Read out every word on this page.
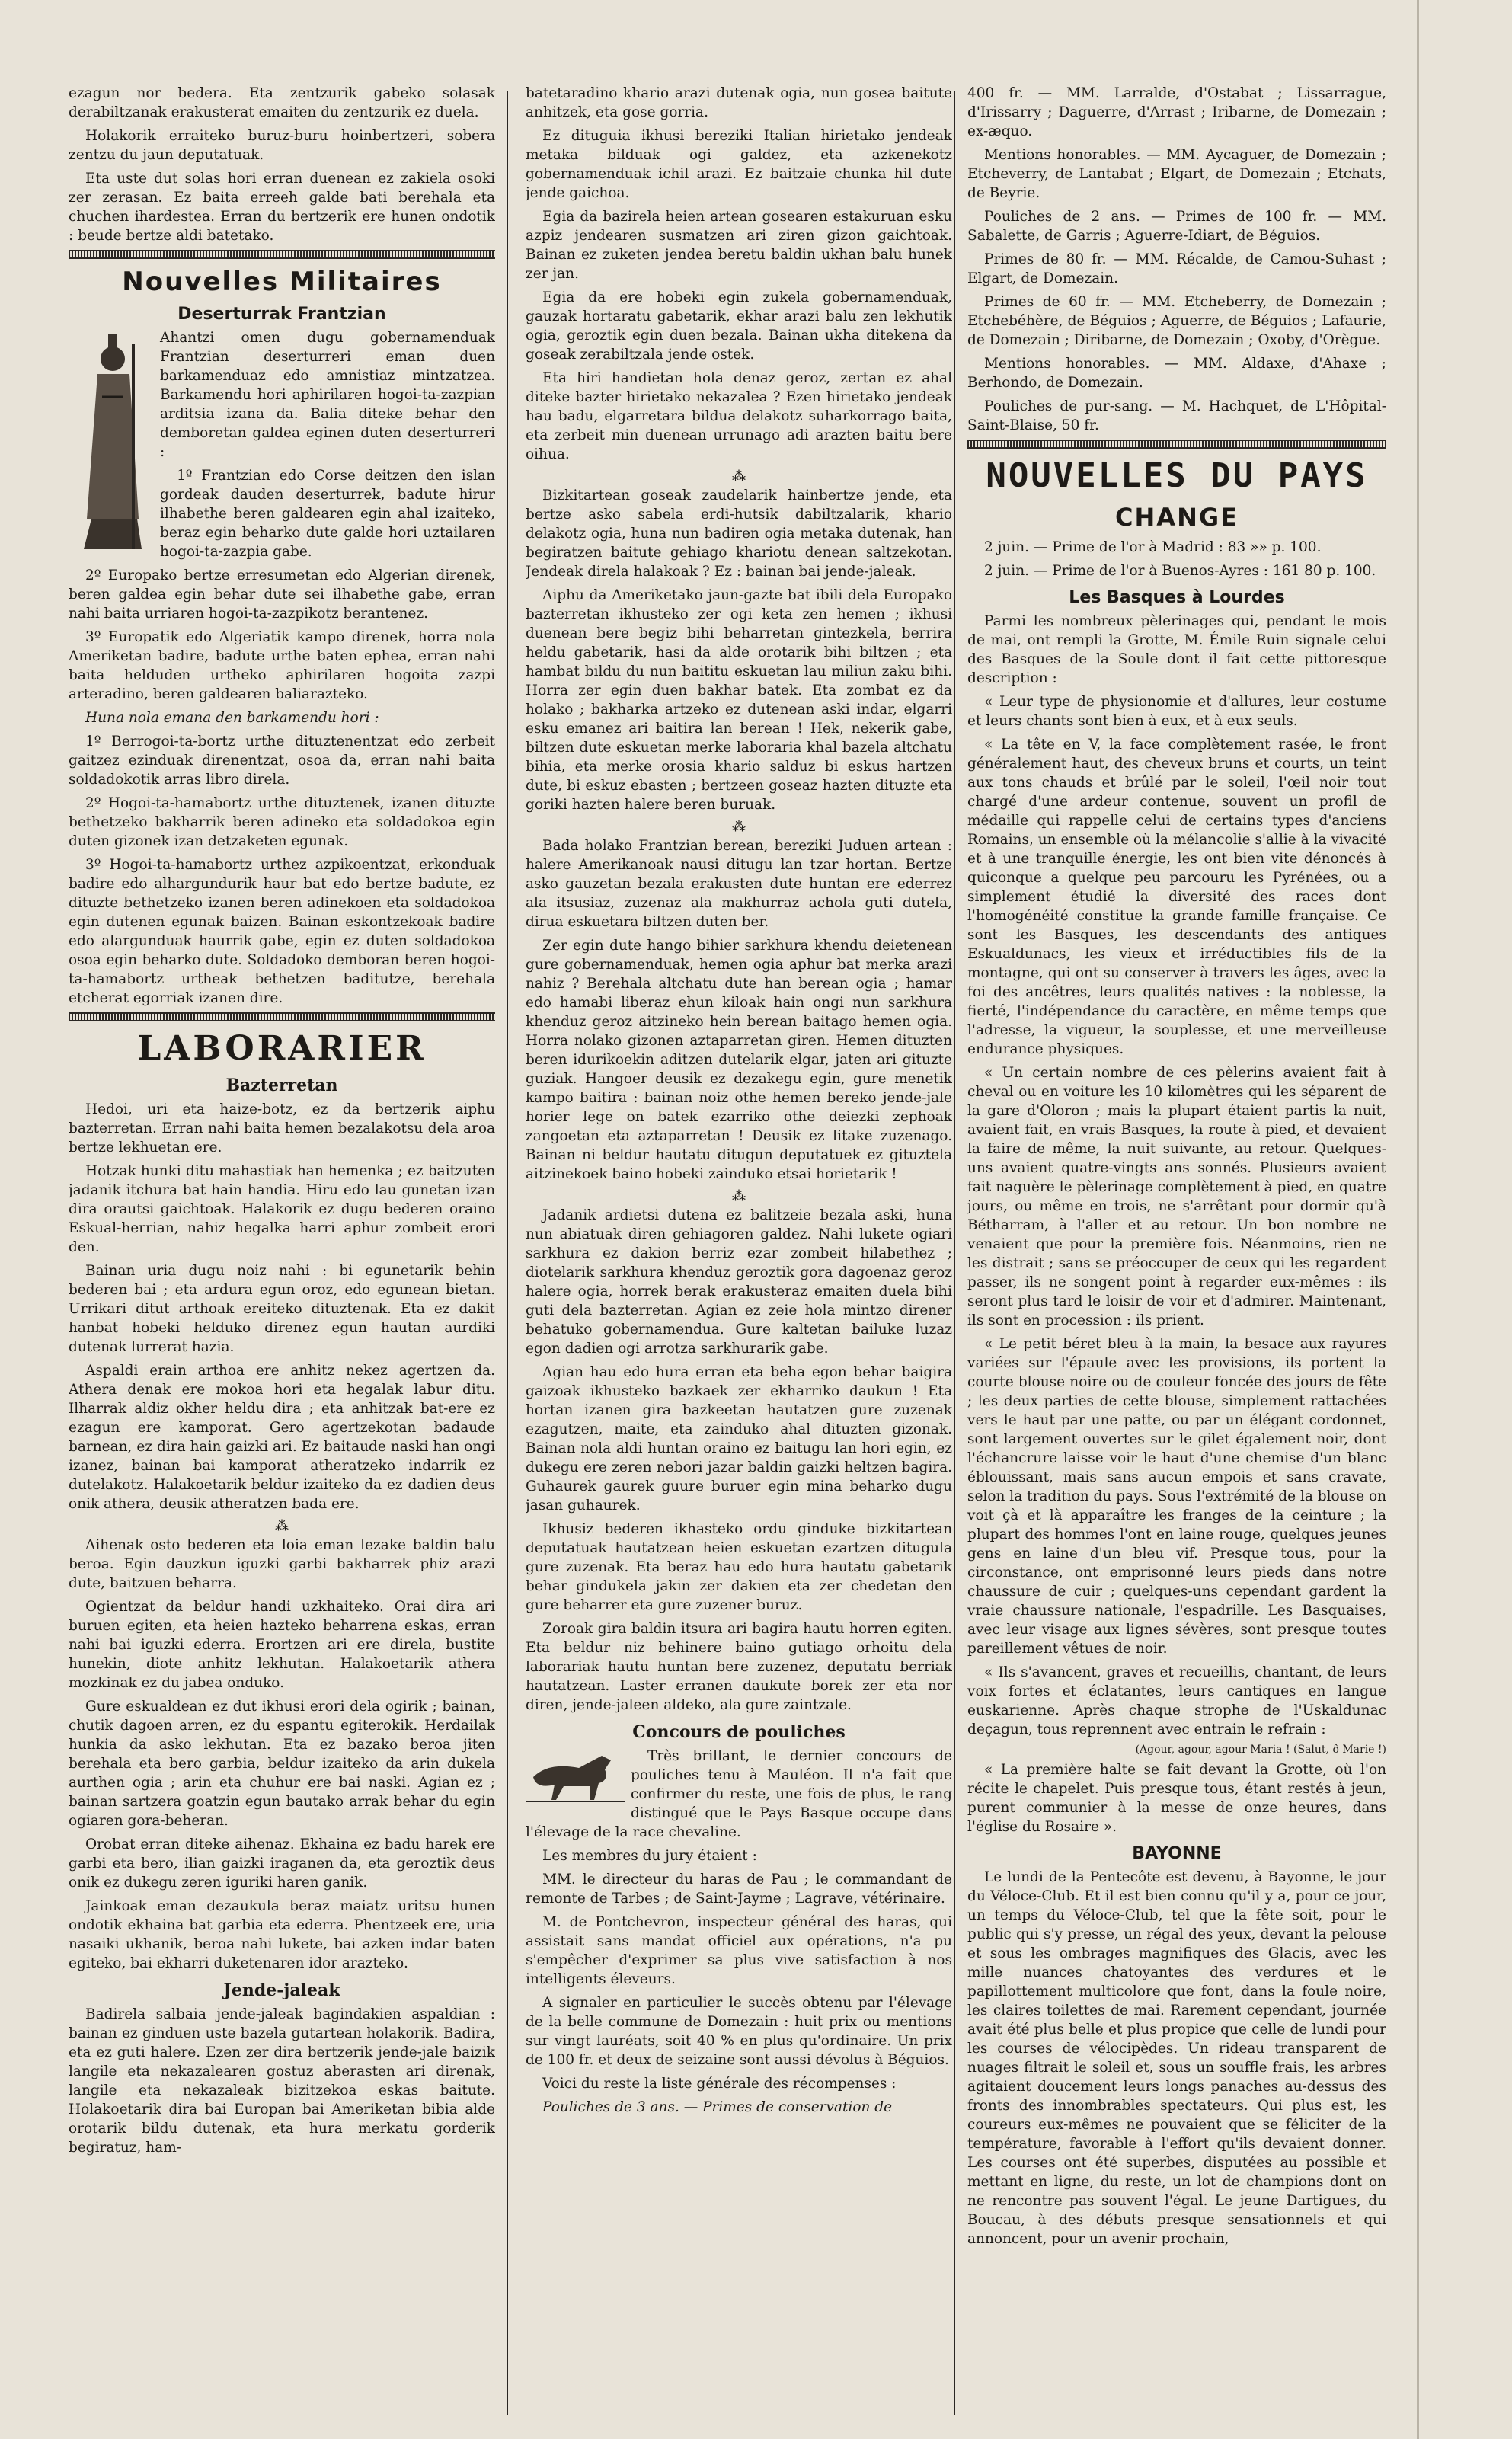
ezagun nor bedera. Eta zentzurik gabeko solasak derabiltzanak erakusterat emaiten du zentzurik ez duela.

Holakorik erraiteko buruz-buru hoinbertzeri, sobera zentzu du jaun deputatuak.

Eta uste dut solas hori erran duenean ez zakiela osoki zer zerasan. Ez baita erreeh galde bati berehala eta chuchen ihardestea. Erran du bertzerik ere hunen ondotik : beude bertze aldi batetako.

Nouvelles Militaires
Deserturrak Frantzian

Ahantzi omen dugu gobernamenduak Frantzian deserturreri eman duen barkamenduaz edo amnistiaz mintzatzea. Barkamendu hori aphirilaren hogoi-ta-zazpian arditsia izana da. Balia diteke behar den demboretan galdea eginen duten deserturreri :

1º Frantzian edo Corse deitzen den islan gordeak dauden deserturrek, badute hirur ilhabethe beren galdearen egin ahal izaiteko, beraz egin beharko dute galde hori uztailaren hogoi-ta-zazpia gabe.

2º Europako bertze erresumetan edo Algerian direnek, beren galdea egin behar dute sei ilhabethe gabe, erran nahi baita urriaren hogoi-ta-zazpikotz berantenez.

3º Europatik edo Algeriatik kampo direnek, horra nola Ameriketan badire, badute urthe baten ephea, erran nahi baita helduden urtheko aphirilaren hogoita zazpi arteradino, beren galdearen baliarazteko.

Huna nola emana den barkamendu hori :

1º Berrogoi-ta-bortz urthe dituztenentzat edo zerbeit gaitzez ezinduak direnentzat, osoa da, erran nahi baita soldadokotik arras libro direla.

2º Hogoi-ta-hamabortz urthe dituztenek, izanen dituzte bethetzeko bakharrik beren adineko eta soldadokoa egin duten gizonek izan detzaketen egunak.

3º Hogoi-ta-hamabortz urthez azpikoentzat, erkonduak badire edo alhargundurik haur bat edo bertze badute, ez dituzte bethetzeko izanen beren adinekoen eta soldadokoa egin dutenen egunak baizen. Bainan eskontzekoak badire edo alargunduak haurrik gabe, egin ez duten soldadokoa osoa egin beharko dute. Soldadoko demboran beren hogoi-ta-hamabortz urtheak bethetzen baditutze, berehala etcherat egorriak izanen dire.

LABORARIER
Bazterretan

Hedoi, uri eta haize-botz, ez da bertzerik aiphu bazterretan. Erran nahi baita hemen bezalakotsu dela aroa bertze lekhuetan ere.

Hotzak hunki ditu mahastiak han hemenka ; ez baitzuten jadanik itchura bat hain handia. Hiru edo lau gunetan izan dira orautsi gaichtoak. Halakorik ez dugu bederen oraino Eskual-herrian, nahiz hegalka harri aphur zombeit erori den.

Bainan uria dugu noiz nahi : bi egunetarik behin bederen bai ; eta ardura egun oroz, edo egunean bietan. Urrikari ditut arthoak ereiteko dituztenak. Eta ez dakit hanbat hobeki helduko direnez egun hautan aurdiki dutenak lurrerat hazia.

Aspaldi erain arthoa ere anhitz nekez agertzen da. Athera denak ere mokoa hori eta hegalak labur ditu. Ilharrak aldiz okher heldu dira ; eta anhitzak bat-ere ez ezagun ere kamporat. Gero agertzekotan badaude barnean, ez dira hain gaizki ari. Ez baitaude naski han ongi izanez, bainan bai kamporat atheratzeko indarrik ez dutelakotz. Halakoetarik beldur izaiteko da ez dadien deus onik athera, deusik atheratzen bada ere.

⁂

Aihenak osto bederen eta loia eman lezake baldin balu beroa. Egin dauzkun iguzki garbi bakharrek phiz arazi dute, baitzuen beharra.

Ogientzat da beldur handi uzkhaiteko. Orai dira ari buruen egiten, eta heien hazteko beharrena eskas, erran nahi bai iguzki ederra. Erortzen ari ere direla, bustite hunekin, diote anhitz lekhutan. Halakoetarik athera mozkinak ez du jabea onduko.

Gure eskualdean ez dut ikhusi erori dela ogirik ; bainan, chutik dagoen arren, ez du espantu egiterokik. Herdailak hunkia da asko lekhutan. Eta ez bazako beroa jiten berehala eta bero garbia, beldur izaiteko da arin dukela aurthen ogia ; arin eta chuhur ere bai naski. Agian ez ; bainan sartzera goatzin egun bautako arrak behar du egin ogiaren gora-beheran.

Orobat erran diteke aihenaz. Ekhaina ez badu harek ere garbi eta bero, ilian gaizki iraganen da, eta geroztik deus onik ez dukegu zeren iguriki haren ganik.

Jainkoak eman dezaukula beraz maiatz uritsu hunen ondotik ekhaina bat garbia eta ederra. Phentzeek ere, uria nasaiki ukhanik, beroa nahi lukete, bai azken indar baten egiteko, bai ekharri duketenaren idor arazteko.

Jende-jaleak

Badirela salbaia jende-jaleak bagindakien aspaldian : bainan ez ginduen uste bazela gutartean holakorik. Badira, eta ez guti halere. Ezen zer dira bertzerik jende-jale baizik langile eta nekazalearen gostuz aberasten ari direnak, langile eta nekazaleak bizitzekoa eskas baitute. Holakoetarik dira bai Europan bai Ameriketan bibia alde orotarik bildu dutenak, eta hura merkatu gorderik begiratuz, ham-

batetaradino khario arazi dutenak ogia, nun gosea baitute anhitzek, eta gose gorria.

Ez dituguia ikhusi bereziki Italian hirietako jendeak metaka bilduak ogi galdez, eta azkenekotz gobernamenduak ichil arazi. Ez baitzaie chunka hil dute jende gaichoa.

Egia da bazirela heien artean gosearen estakuruan esku azpiz jendearen susmatzen ari ziren gizon gaichtoak. Bainan ez zuketen jendea beretu baldin ukhan balu hunek zer jan.

Egia da ere hobeki egin zukela gobernamenduak, gauzak hortaratu gabetarik, ekhar arazi balu zen lekhutik ogia, geroztik egin duen bezala. Bainan ukha ditekena da goseak zerabiltzala jende ostek.

Eta hiri handietan hola denaz geroz, zertan ez ahal diteke bazter hirietako nekazalea ? Ezen hirietako jendeak hau badu, elgarretara bildua delakotz suharkorrago baita, eta zerbeit min duenean urrunago adi arazten baitu bere oihua.

⁂

Bizkitartean goseak zaudelarik hainbertze jende, eta bertze asko sabela erdi-hutsik dabiltzalarik, khario delakotz ogia, huna nun badiren ogia metaka dutenak, han begiratzen baitute gehiago khariotu denean saltzekotan. Jendeak direla halakoak ? Ez : bainan bai jende-jaleak.

Aiphu da Ameriketako jaun-gazte bat ibili dela Europako bazterretan ikhusteko zer ogi keta zen hemen ; ikhusi duenean bere begiz bihi beharretan gintezkela, berrira heldu gabetarik, hasi da alde orotarik bihi biltzen ; eta hambat bildu du nun baititu eskuetan lau miliun zaku bihi. Horra zer egin duen bakhar batek. Eta zombat ez da holako ; bakharka artzeko ez dutenean aski indar, elgarri esku emanez ari baitira lan berean ! Hek, nekerik gabe, biltzen dute eskuetan merke laboraria khal bazela altchatu bihia, eta merke orosia khario salduz bi eskus hartzen dute, bi eskuz ebasten ; bertzeen goseaz hazten dituzte eta goriki hazten halere beren buruak.

⁂

Bada holako Frantzian berean, bereziki Juduen artean : halere Amerikanoak nausi ditugu lan tzar hortan. Bertze asko gauzetan bezala erakusten dute huntan ere ederrez ala itsusiaz, zuzenaz ala makhurraz achola guti dutela, dirua eskuetara biltzen duten ber.

Zer egin dute hango bihier sarkhura khendu deietenean gure gobernamenduak, hemen ogia aphur bat merka arazi nahiz ? Berehala altchatu dute han berean ogia ; hamar edo hamabi liberaz ehun kiloak hain ongi nun sarkhura khenduz geroz aitzineko hein berean baitago hemen ogia. Horra nolako gizonen aztaparretan giren. Hemen dituzten beren idurikoekin aditzen dutelarik elgar, jaten ari gituzte guziak. Hangoer deusik ez dezakegu egin, gure menetik kampo baitira : bainan noiz othe hemen bereko jende-jale horier lege on batek ezarriko othe deiezki zephoak zangoetan eta aztaparretan ! Deusik ez litake zuzenago. Bainan ni beldur hautatu ditugun deputatuek ez gituztela aitzinekoek baino hobeki zainduko etsai horietarik !

⁂

Jadanik ardietsi dutena ez balitzeie bezala aski, huna nun abiatuak diren gehiagoren galdez. Nahi lukete ogiari sarkhura ez dakion berriz ezar zombeit hilabethez ; diotelarik sarkhura khenduz geroztik gora dagoenaz geroz halere ogia, horrek berak erakusteraz emaiten duela bihi guti dela bazterretan. Agian ez zeie hola mintzo direner behatuko gobernamendua. Gure kaltetan bailuke luzaz egon dadien ogi arrotza sarkhurarik gabe.

Agian hau edo hura erran eta beha egon behar baigira gaizoak ikhusteko bazkaek zer ekharriko daukun ! Eta hortan izanen gira bazkeetan hautatzen gure zuzenak ezagutzen, maite, eta zainduko ahal dituzten gizonak. Bainan nola aldi huntan oraino ez baitugu lan hori egin, ez dukegu ere zeren nebori jazar baldin gaizki heltzen bagira. Guhaurek gaurek guure buruer egin mina beharko dugu jasan guhaurek.

Ikhusiz bederen ikhasteko ordu ginduke bizkitartean deputatuak hautatzean heien eskuetan ezartzen ditugula gure zuzenak. Eta beraz hau edo hura hautatu gabetarik behar gindukela jakin zer dakien eta zer chedetan den gure beharrer eta gure zuzener buruz.

Zoroak gira baldin itsura ari bagira hautu horren egiten. Eta beldur niz behinere baino gutiago orhoitu dela laborariak hautu huntan bere zuzenez, deputatu berriak hautatzean. Laster erranen daukute borek zer eta nor diren, jende-jaleen aldeko, ala gure zaintzale.

Concours de pouliches

Très brillant, le dernier concours de pouliches tenu à Mauléon. Il n'a fait que confirmer du reste, une fois de plus, le rang distingué que le Pays Basque occupe dans l'élevage de la race chevaline.

Les membres du jury étaient :

MM. le directeur du haras de Pau ; le commandant de remonte de Tarbes ; de Saint-Jayme ; Lagrave, vétérinaire.

M. de Pontchevron, inspecteur général des haras, qui assistait sans mandat officiel aux opérations, n'a pu s'empêcher d'exprimer sa plus vive satisfaction à nos intelligents éleveurs.

A signaler en particulier le succès obtenu par l'élevage de la belle commune de Domezain : huit prix ou mentions sur vingt lauréats, soit 40 % en plus qu'ordinaire. Un prix de 100 fr. et deux de seizaine sont aussi dévolus à Béguios.

Voici du reste la liste générale des récompenses :

Pouliches de 3 ans. — Primes de conservation de

400 fr. — MM. Larralde, d'Ostabat ; Lissarrague, d'Irissarry ; Daguerre, d'Arrast ; Iribarne, de Domezain ; ex-æquo.

Mentions honorables. — MM. Aycaguer, de Domezain ; Etcheverry, de Lantabat ; Elgart, de Domezain ; Etchats, de Beyrie.

Pouliches de 2 ans. — Primes de 100 fr. — MM. Sabalette, de Garris ; Aguerre-Idiart, de Béguios.

Primes de 80 fr. — MM. Récalde, de Camou-Suhast ; Elgart, de Domezain.

Primes de 60 fr. — MM. Etcheberry, de Domezain ; Etchebéhère, de Béguios ; Aguerre, de Béguios ; Lafaurie, de Domezain ; Diribarne, de Domezain ; Oxoby, d'Orègue.

Mentions honorables. — MM. Aldaxe, d'Ahaxe ; Berhondo, de Domezain.

Pouliches de pur-sang. — M. Hachquet, de L'Hôpital-Saint-Blaise, 50 fr.

NOUVELLES DU PAYS
CHANGE

2 juin. — Prime de l'or à Madrid : 83 »» p. 100.

2 juin. — Prime de l'or à Buenos-Ayres : 161 80 p. 100.

Les Basques à Lourdes

Parmi les nombreux pèlerinages qui, pendant le mois de mai, ont rempli la Grotte, M. Émile Ruin signale celui des Basques de la Soule dont il fait cette pittoresque description :

« Leur type de physionomie et d'allures, leur costume et leurs chants sont bien à eux, et à eux seuls.

« La tête en V, la face complètement rasée, le front généralement haut, des cheveux bruns et courts, un teint aux tons chauds et brûlé par le soleil, l'œil noir tout chargé d'une ardeur contenue, souvent un profil de médaille qui rappelle celui de certains types d'anciens Romains, un ensemble où la mélancolie s'allie à la vivacité et à une tranquille énergie, les ont bien vite dénoncés à quiconque a quelque peu parcouru les Pyrénées, ou a simplement étudié la diversité des races dont l'homogénéité constitue la grande famille française. Ce sont les Basques, les descendants des antiques Eskualdunacs, les vieux et irréductibles fils de la montagne, qui ont su conserver à travers les âges, avec la foi des ancêtres, leurs qualités natives : la noblesse, la fierté, l'indépendance du caractère, en même temps que l'adresse, la vigueur, la souplesse, et une merveilleuse endurance physiques.

« Un certain nombre de ces pèlerins avaient fait à cheval ou en voiture les 10 kilomètres qui les séparent de la gare d'Oloron ; mais la plupart étaient partis la nuit, avaient fait, en vrais Basques, la route à pied, et devaient la faire de même, la nuit suivante, au retour. Quelques-uns avaient quatre-vingts ans sonnés. Plusieurs avaient fait naguère le pèlerinage complètement à pied, en quatre jours, ou même en trois, ne s'arrêtant pour dormir qu'à Bétharram, à l'aller et au retour. Un bon nombre ne venaient que pour la première fois. Néanmoins, rien ne les distrait ; sans se préoccuper de ceux qui les regardent passer, ils ne songent point à regarder eux-mêmes : ils seront plus tard le loisir de voir et d'admirer. Maintenant, ils sont en procession : ils prient.

« Le petit béret bleu à la main, la besace aux rayures variées sur l'épaule avec les provisions, ils portent la courte blouse noire ou de couleur foncée des jours de fête ; les deux parties de cette blouse, simplement rattachées vers le haut par une patte, ou par un élégant cordonnet, sont largement ouvertes sur le gilet également noir, dont l'échancrure laisse voir le haut d'une chemise d'un blanc éblouissant, mais sans aucun empois et sans cravate, selon la tradition du pays. Sous l'extrémité de la blouse on voit çà et là apparaître les franges de la ceinture ; la plupart des hommes l'ont en laine rouge, quelques jeunes gens en laine d'un bleu vif. Presque tous, pour la circonstance, ont emprisonné leurs pieds dans notre chaussure de cuir ; quelques-uns cependant gardent la vraie chaussure nationale, l'espadrille. Les Basquaises, avec leur visage aux lignes sévères, sont presque toutes pareillement vêtues de noir.

« Ils s'avancent, graves et recueillis, chantant, de leurs voix fortes et éclatantes, leurs cantiques en langue euskarienne. Après chaque strophe de l'Uskaldunac deçagun, tous reprennent avec entrain le refrain :

(Agour, agour, agour Maria ! (Salut, ô Marie !)

« La première halte se fait devant la Grotte, où l'on récite le chapelet. Puis presque tous, étant restés à jeun, purent communier à la messe de onze heures, dans l'église du Rosaire ».

BAYONNE

Le lundi de la Pentecôte est devenu, à Bayonne, le jour du Véloce-Club. Et il est bien connu qu'il y a, pour ce jour, un temps du Véloce-Club, tel que la fête soit, pour le public qui s'y presse, un régal des yeux, devant la pelouse et sous les ombrages magnifiques des Glacis, avec les mille nuances chatoyantes des verdures et le papillottement multicolore que font, dans la foule noire, les claires toilettes de mai. Rarement cependant, journée avait été plus belle et plus propice que celle de lundi pour les courses de vélocipèdes. Un rideau transparent de nuages filtrait le soleil et, sous un souffle frais, les arbres agitaient doucement leurs longs panaches au-dessus des fronts des innombrables spectateurs. Qui plus est, les coureurs eux-mêmes ne pouvaient que se féliciter de la température, favorable à l'effort qu'ils devaient donner. Les courses ont été superbes, disputées au possible et mettant en ligne, du reste, un lot de champions dont on ne rencontre pas souvent l'égal. Le jeune Dartigues, du Boucau, à des débuts presque sensationnels et qui annoncent, pour un avenir prochain,
